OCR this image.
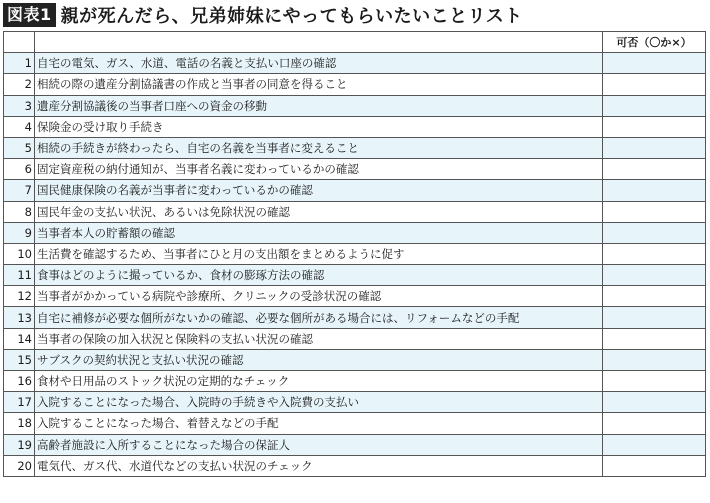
図表1 親が死んだら、兄弟姉妹にやってもらいたいことリスト
		可否（〇か×）
1	自宅の電気、ガス、水道、電話の名義と支払い口座の確認	
2	相続の際の遺産分割協議書の作成と当事者の同意を得ること	
3	遺産分割協議後の当事者口座への資金の移動	
4	保険金の受け取り手続き	
5	相続の手続きが終わったら、自宅の名義を当事者に変えること	
6	固定資産税の納付通知が、当事者名義に変わっているかの確認	
7	国民健康保険の名義が当事者に変わっているかの確認	
8	国民年金の支払い状況、あるいは免除状況の確認	
9	当事者本人の貯蓄額の確認	
10	生活費を確認するため、当事者にひと月の支出額をまとめるように促す	
11	食事はどのように撮っているか、食材の膨琢方法の確認	
12	当事者がかかっている病院や診療所、クリニックの受診状況の確認	
13	自宅に補修が必要な個所がないかの確認、必要な個所がある場合には、リフォームなどの手配	
14	当事者の保険の加入状況と保険料の支払い状況の確認	
15	サブスクの契約状況と支払い状況の確認	
16	食材や日用品のストック状況の定期的なチェック	
17	入院することになった場合、入院時の手続きや入院費の支払い	
18	入院することになった場合、着替えなどの手配	
19	高齢者施設に入所することになった場合の保証人	
20	電気代、ガス代、水道代などの支払い状況のチェック	
